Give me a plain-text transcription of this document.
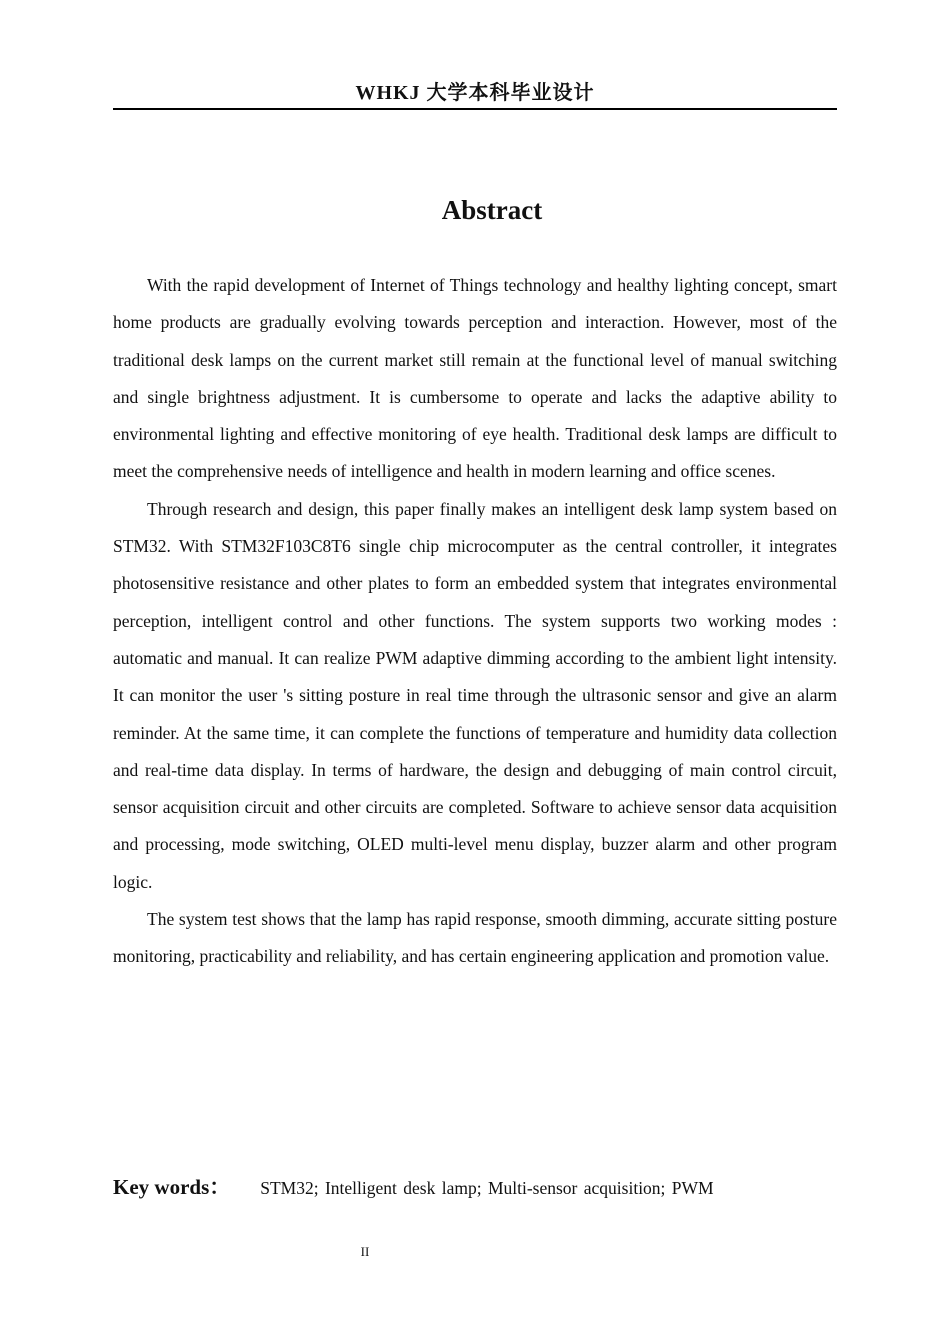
WHKJ 大学本科毕业设计
Abstract

With the rapid development of Internet of Things technology and healthy lighting concept, smart home products are gradually evolving towards perception and interaction. However, most of the traditional desk lamps on the current market still remain at the functional level of manual switching and single brightness adjustment. It is cumbersome to operate and lacks the adaptive ability to environmental lighting and effective monitoring of eye health. Traditional desk lamps are difficult to meet the comprehensive needs of intelligence and health in modern learning and office scenes.

Through research and design, this paper finally makes an intelligent desk lamp system based on STM32. With STM32F103C8T6 single chip microcomputer as the central controller, it integrates photosensitive resistance and other plates to form an embedded system that integrates environmental perception, intelligent control and other functions. The system supports two working modes : automatic and manual. It can realize PWM adaptive dimming according to the ambient light intensity. It can monitor the user 's sitting posture in real time through the ultrasonic sensor and give an alarm reminder. At the same time, it can complete the functions of temperature and humidity data collection and real-time data display. In terms of hardware, the design and debugging of main control circuit, sensor acquisition circuit and other circuits are completed. Software to achieve sensor data acquisition and processing, mode switching, OLED multi-level menu display, buzzer alarm and other program logic.

The system test shows that the lamp has rapid response, smooth dimming, accurate sitting posture monitoring, practicability and reliability, and has certain engineering application and promotion value.

Key words： STM32; Intelligent desk lamp; Multi-sensor acquisition; PWM
II
